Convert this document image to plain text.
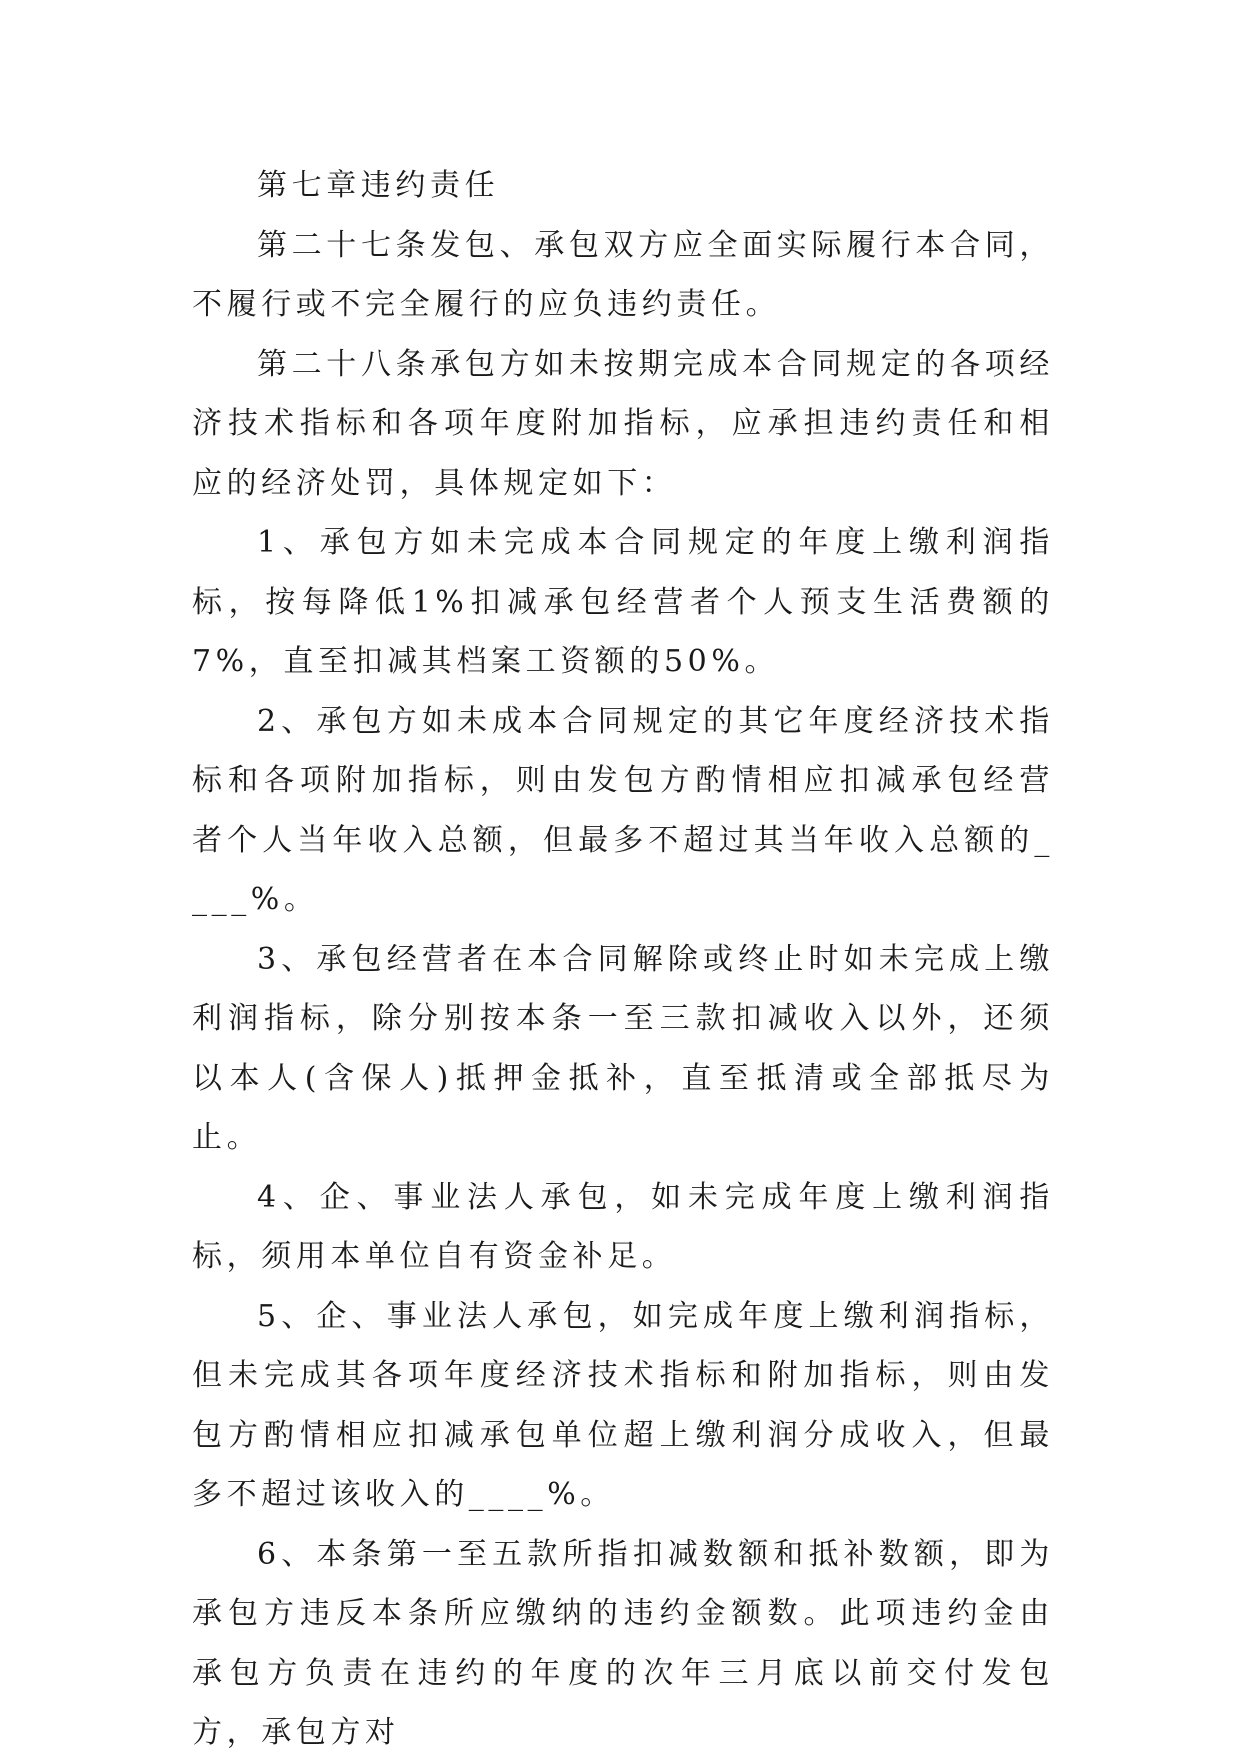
第七章违约责任

第二十七条发包、承包双方应全面实际履行本合同，不履行或不完全履行的应负违约责任。

第二十八条承包方如未按期完成本合同规定的各项经济技术指标和各项年度附加指标，应承担违约责任和相应的经济处罚，具体规定如下：

1、承包方如未完成本合同规定的年度上缴利润指标，按每降低1%扣减承包经营者个人预支生活费额的7%，直至扣减其档案工资额的50%。

2、承包方如未成本合同规定的其它年度经济技术指标和各项附加指标，则由发包方酌情相应扣减承包经营者个人当年收入总额，但最多不超过其当年收入总额的____%。

3、承包经营者在本合同解除或终止时如未完成上缴利润指标，除分别按本条一至三款扣减收入以外，还须以本人(含保人)抵押金抵补，直至抵清或全部抵尽为止。

4、企、事业法人承包，如未完成年度上缴利润指标，须用本单位自有资金补足。

5、企、事业法人承包，如完成年度上缴利润指标，但未完成其各项年度经济技术指标和附加指标，则由发包方酌情相应扣减承包单位超上缴利润分成收入，但最多不超过该收入的____%。

6、本条第一至五款所指扣减数额和抵补数额，即为承包方违反本条所应缴纳的违约金额数。此项违约金由承包方负责在违约的年度的次年三月底以前交付发包方，承包方对
